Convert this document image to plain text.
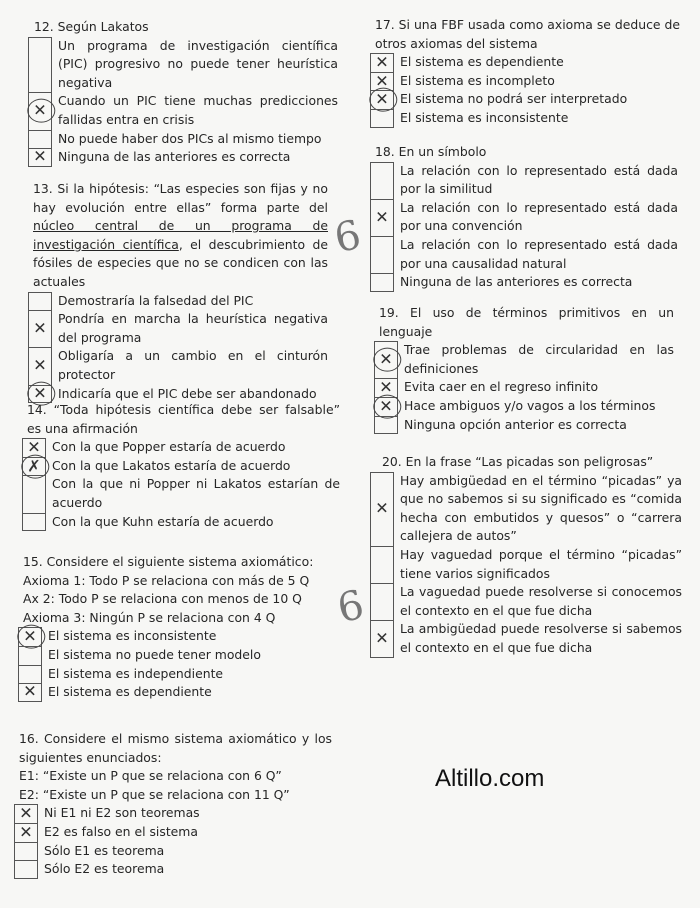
12. Según Lakatos
Un programa de investigación científica (PIC) progresivo no puede tener heurística negativa
✕
Cuando un PIC tiene muchas predicciones fallidas entra en crisis
No puede haber dos PICs al mismo tiempo
✕ Ninguna de las anteriores es correcta
13. Si la hipótesis: “Las especies son fijas y no hay evolución entre ellas” forma parte del núcleo central de un programa de investigación científica, el descubrimiento de fósiles de especies que no se condicen con las actuales
Demostraría la falsedad del PIC
✕
Pondría en marcha la heurística negativa del programa
✕
Obligaría a un cambio en el cinturón protector
✕ Indicaría que el PIC debe ser abandonado
14. “Toda hipótesis científica debe ser falsable” es una afirmación
✕ Con la que Popper estaría de acuerdo
✗ Con la que Lakatos estaría de acuerdo
Con la que ni Popper ni Lakatos estarían de acuerdo
Con la que Kuhn estaría de acuerdo
15. Considere el siguiente sistema axiomático:
Axioma 1: Todo P se relaciona con más de 5 Q
Ax 2: Todo P se relaciona con menos de 10 Q
Axioma 3: Ningún P se relaciona con 4 Q
✕ El sistema es inconsistente
El sistema no puede tener modelo
El sistema es independiente
✕ El sistema es dependiente
16. Considere el mismo sistema axiomático y los siguientes enunciados:
E1: “Existe un P que se relaciona con 6 Q”
E2: “Existe un P que se relaciona con 11 Q”
✕ Ni E1 ni E2 son teoremas
✕ E2 es falso en el sistema
Sólo E1 es teorema
Sólo E2 es teorema
17. Si una FBF usada como axioma se deduce de otros axiomas del sistema
✕ El sistema es dependiente
✕ El sistema es incompleto
✕ El sistema no podrá ser interpretado
El sistema es inconsistente
18. En un símbolo
La relación con lo representado está dada por la similitud
✕
La relación con lo representado está dada por una convención
La relación con lo representado está dada por una causalidad natural
Ninguna de las anteriores es correcta
19. El uso de términos primitivos en un lenguaje
✕
Trae problemas de circularidad en las definiciones
✕ Evita caer en el regreso infinito
✕ Hace ambiguos y/o vagos a los términos
Ninguna opción anterior es correcta
20. En la frase “Las picadas son peligrosas”
✕
Hay ambigüedad en el término “picadas” ya que no sabemos si su significado es “comida hecha con embutidos y quesos” o “carrera callejera de autos”
Hay vaguedad porque el término “picadas” tiene varios significados
La vaguedad puede resolverse si conocemos el contexto en el que fue dicha
✕ La ambigüedad puede resolverse si sabemos el contexto en el que fue dicha
6
6
Altillo.com
